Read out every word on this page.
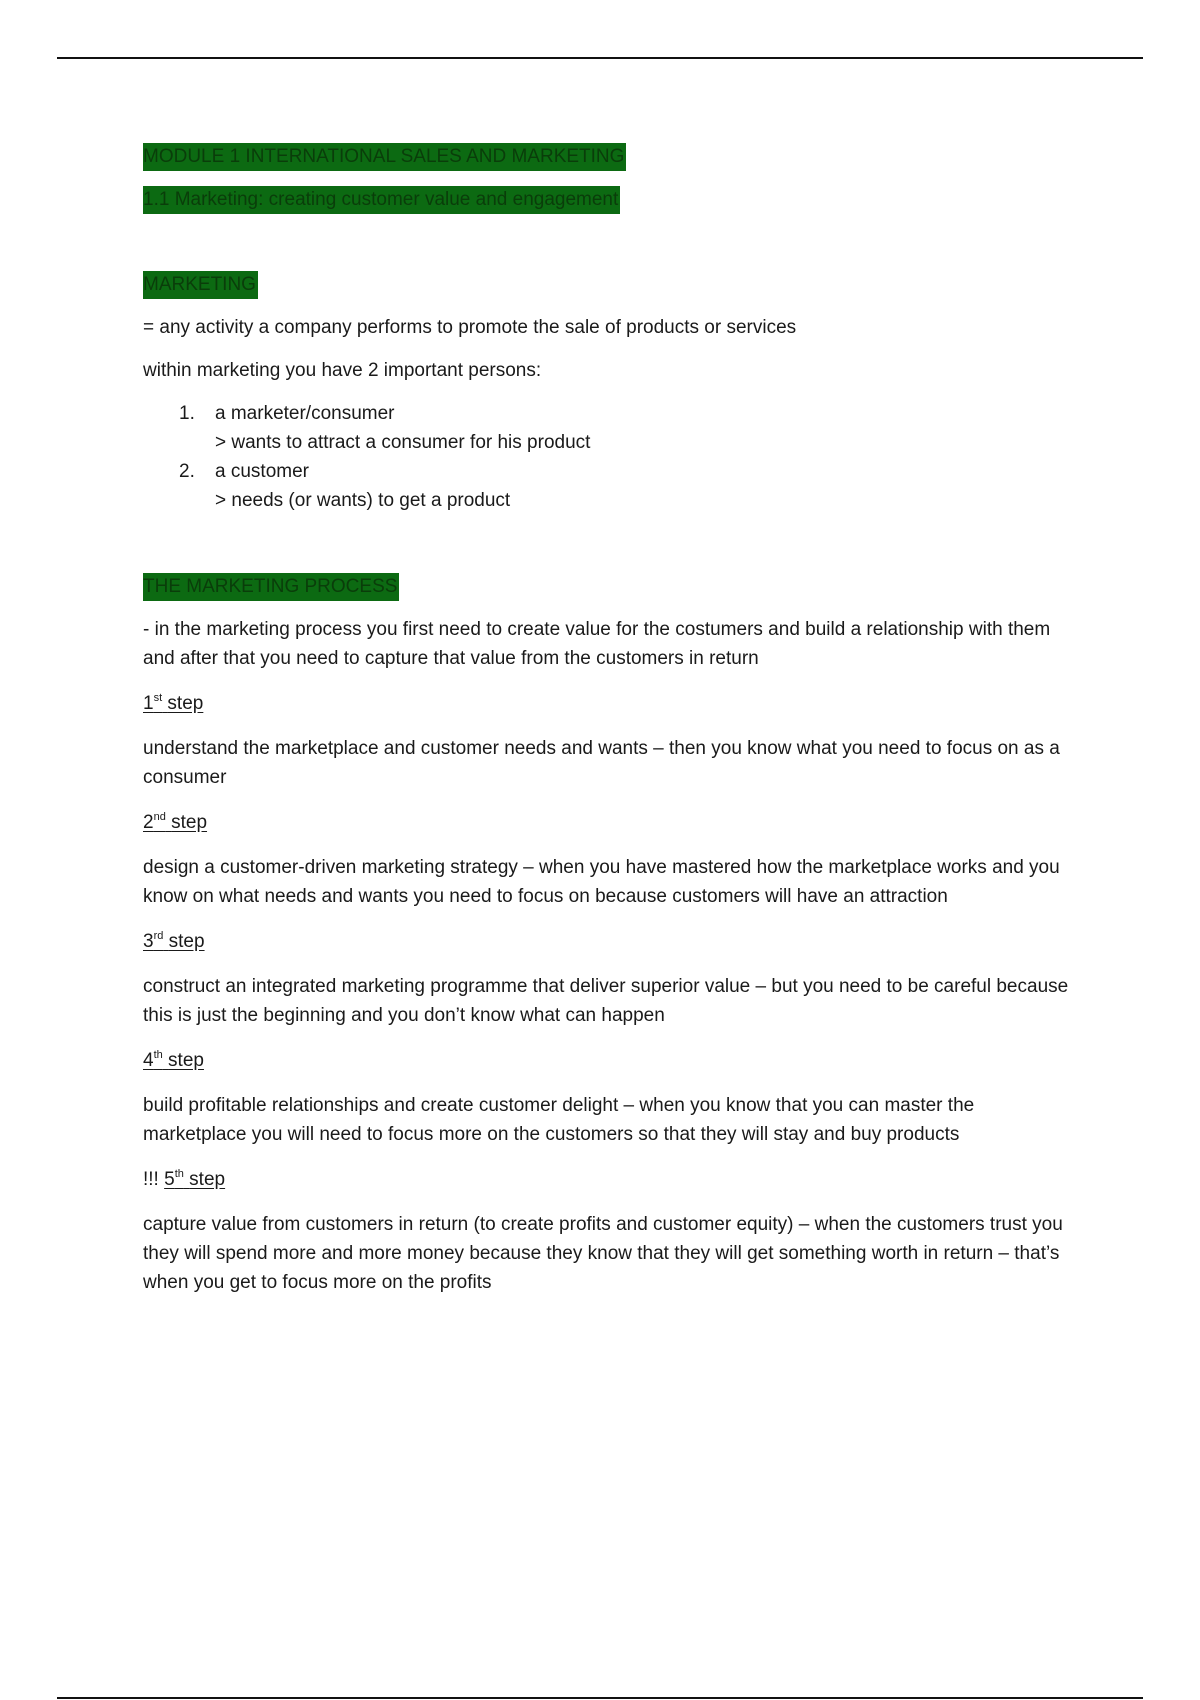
MODULE 1 INTERNATIONAL SALES AND MARKETING
1.1 Marketing: creating customer value and engagement
MARKETING

= any activity a company performs to promote the sale of products or services

within marketing you have 2 important persons:

1. a marketer/consumer
> wants to attract a consumer for his product
2. a customer
> needs (or wants) to get a product
THE MARKETING PROCESS

- in the marketing process you first need to create value for the costumers and build a relationship with them and after that you need to capture that value from the customers in return

1st step

understand the marketplace and customer needs and wants – then you know what you need to focus on as a consumer

2nd step

design a customer-driven marketing strategy – when you have mastered how the marketplace works and you know on what needs and wants you need to focus on because customers will have an attraction

3rd step

construct an integrated marketing programme that deliver superior value – but you need to be careful because this is just the beginning and you don’t know what can happen

4th step

build profitable relationships and create customer delight – when you know that you can master the marketplace you will need to focus more on the customers so that they will stay and buy products

!!! 5th step

capture value from customers in return (to create profits and customer equity) – when the customers trust you they will spend more and more money because they know that they will get something worth in return – that’s when you get to focus more on the profits
